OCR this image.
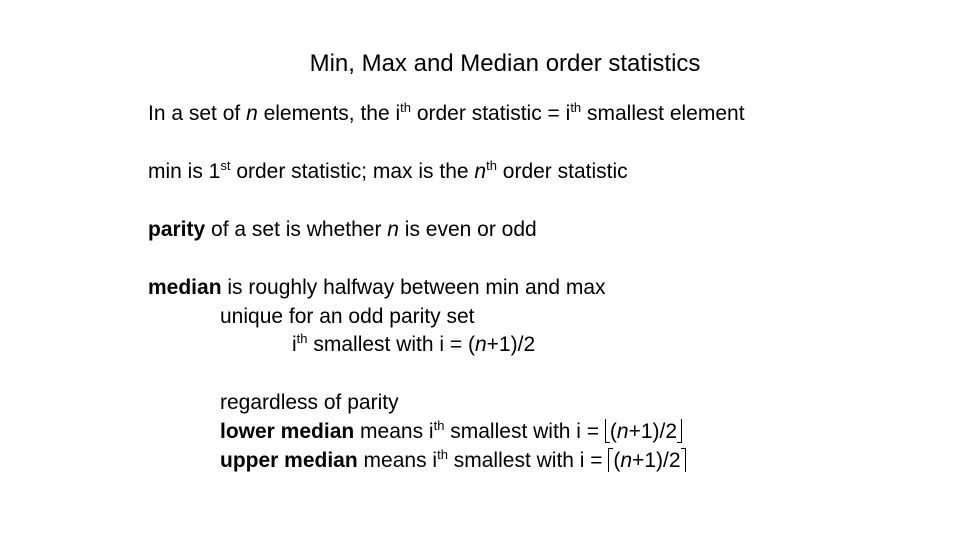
Min, Max and Median order statistics
In a set of n elements, the $i^{th}$ order statistic = $i^{th}$ smallest element
min is 1st order statistic; max is the $n^{th}$ order statistic
parity of a set is whether n is even or odd
median is roughly halfway between min and max
unique for an odd parity set
$i^{th}$ smallest with i = (n+1)/2
regardless of parity
lower median means $i^{th}$ smallest with i = (n+1)/2
upper median means $i^{th}$ smallest with i = (n+1)/2
